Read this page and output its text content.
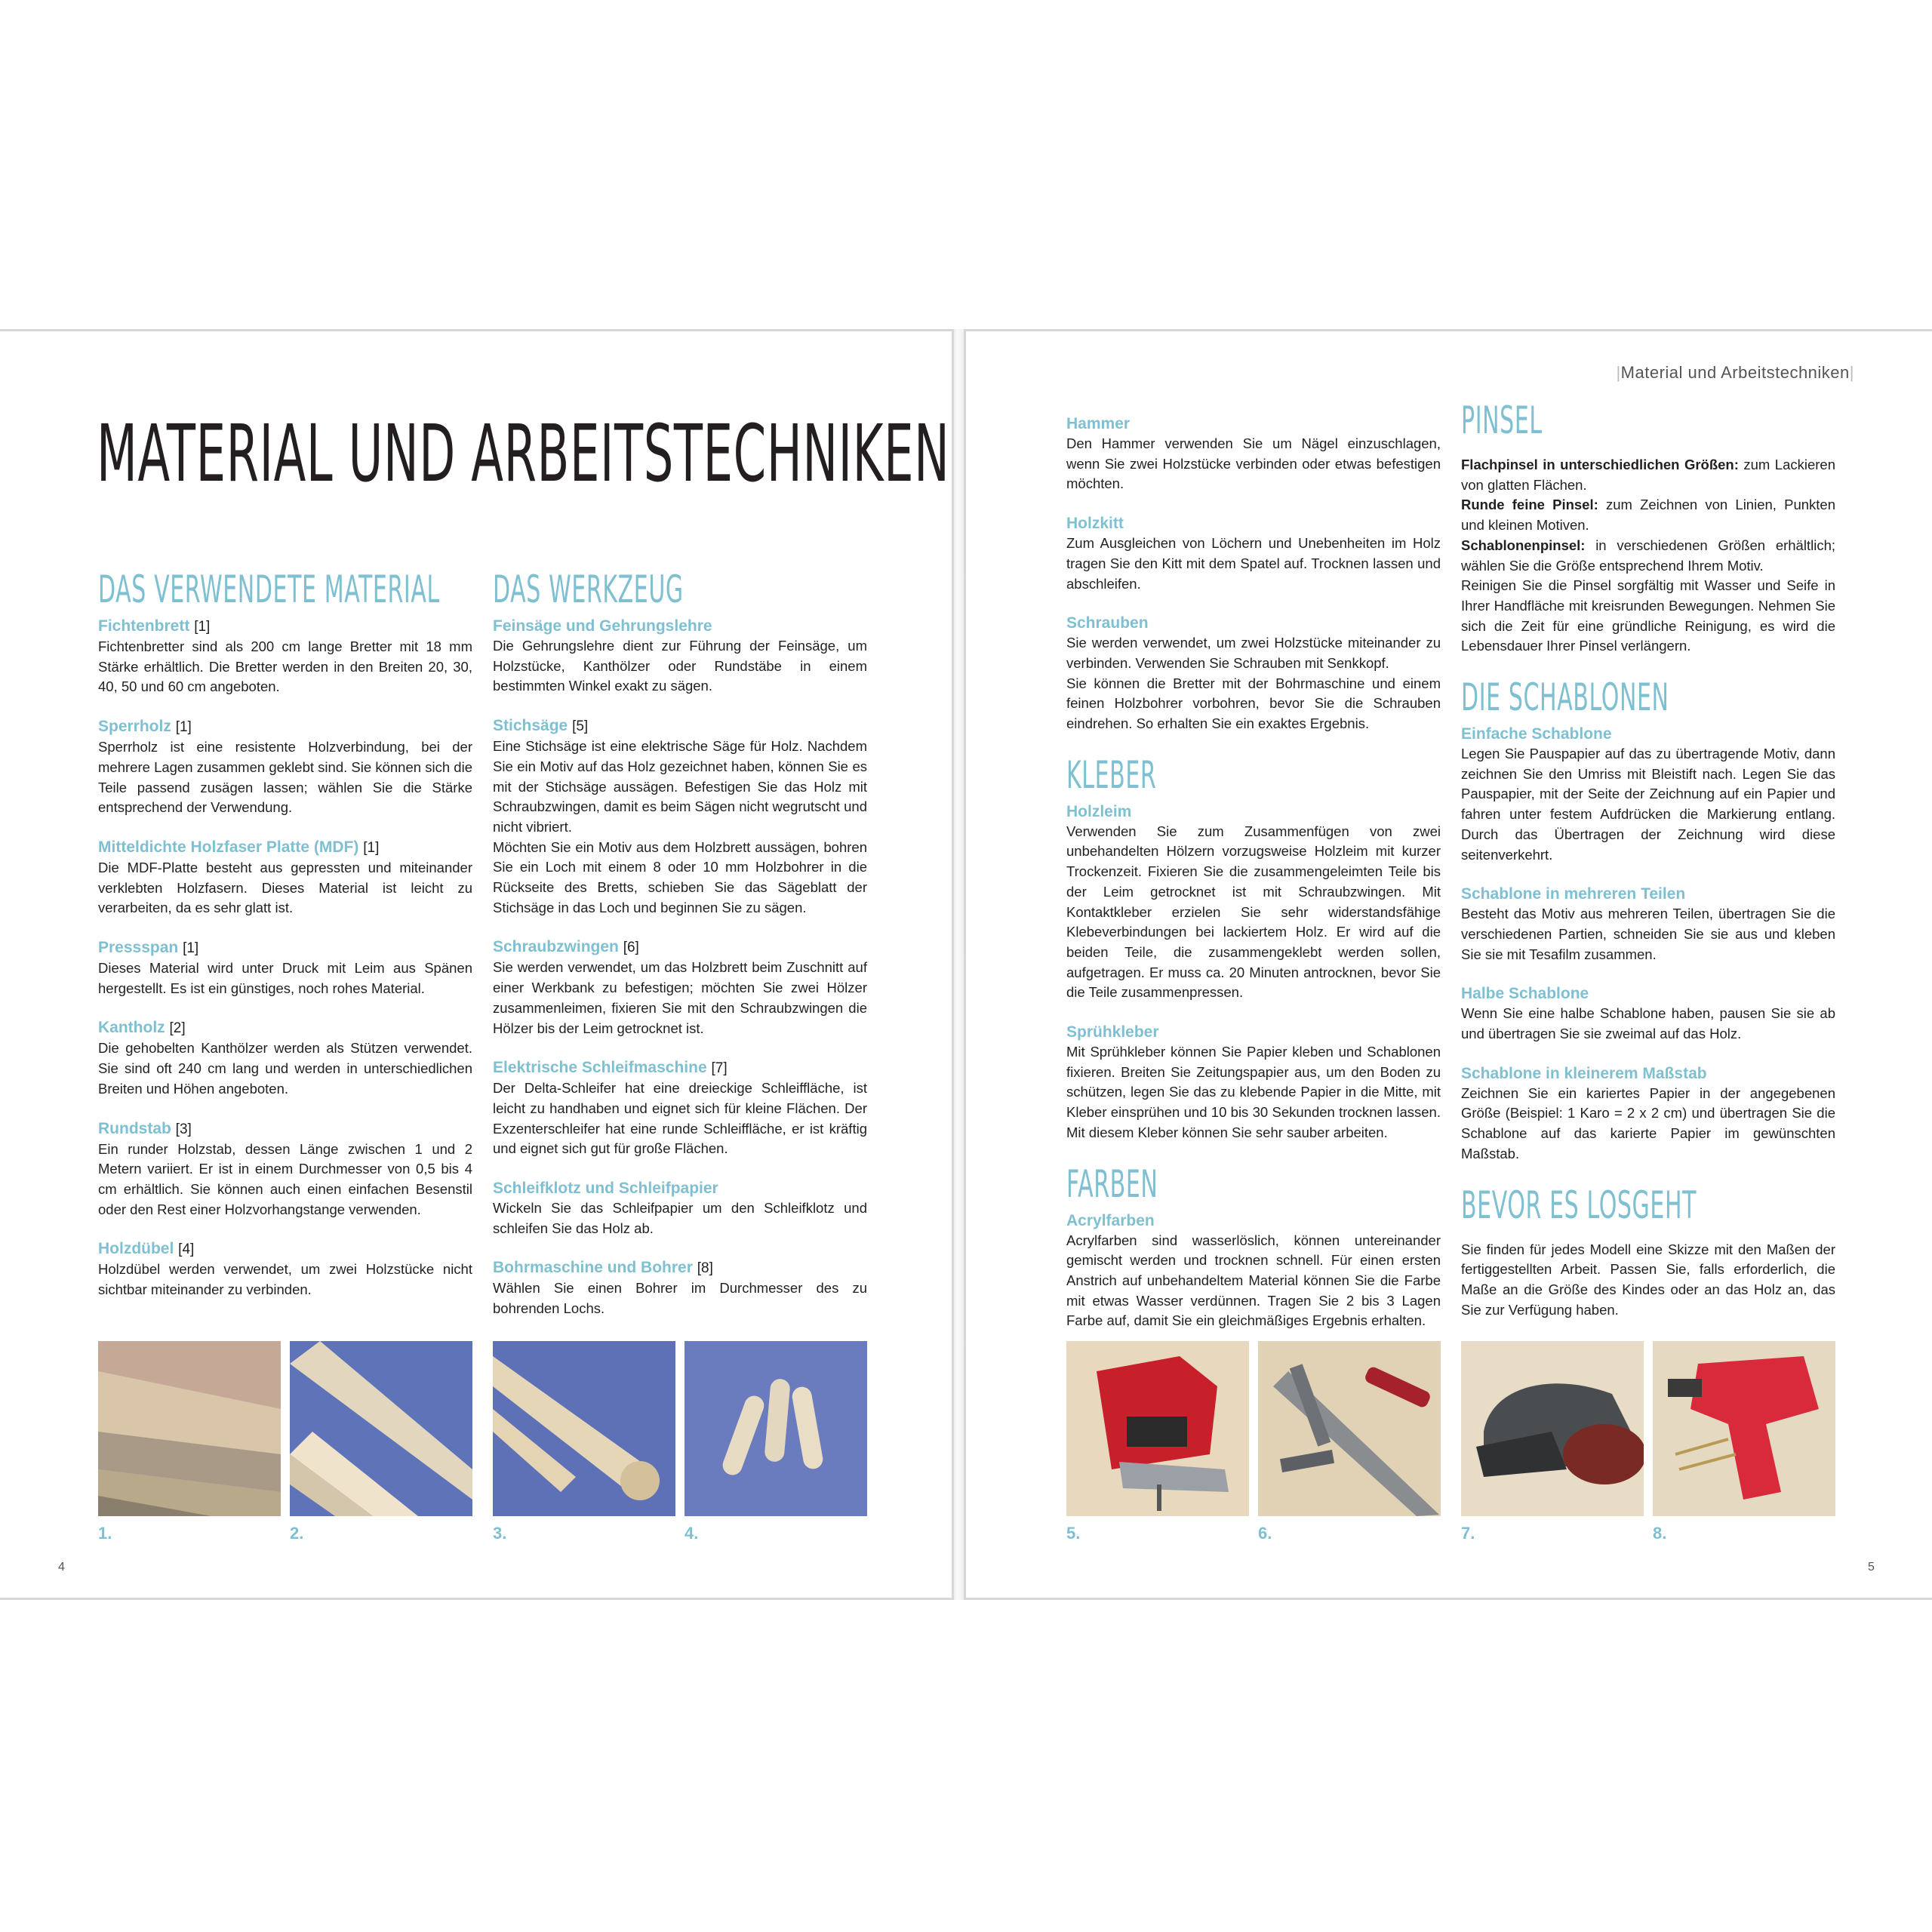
MATERIAL UND ARBEITSTECHNIKEN
DAS VERWENDETE MATERIAL
Fichtenbrett [1]

Fichtenbretter sind als 200 cm lange Bretter mit 18 mm Stärke erhältlich. Die Bretter werden in den Breiten 20, 30, 40, 50 und 60 cm angeboten.

Sperrholz [1]

Sperrholz ist eine resistente Holzverbindung, bei der mehrere Lagen zusammen geklebt sind. Sie können sich die Teile passend zusägen lassen; wählen Sie die Stärke entsprechend der Verwendung.

Mitteldichte Holzfaser Platte (MDF) [1]

Die MDF-Platte besteht aus gepressten und miteinander verklebten Holzfasern. Dieses Material ist leicht zu verarbeiten, da es sehr glatt ist.

Pressspan [1]

Dieses Material wird unter Druck mit Leim aus Spänen hergestellt. Es ist ein günstiges, noch rohes Material.

Kantholz [2]

Die gehobelten Kanthölzer werden als Stützen verwendet. Sie sind oft 240 cm lang und werden in unterschiedlichen Breiten und Höhen angeboten.

Rundstab [3]

Ein runder Holzstab, dessen Länge zwischen 1 und 2 Metern variiert. Er ist in einem Durchmesser von 0,5 bis 4 cm erhältlich. Sie können auch einen einfachen Besenstil oder den Rest einer Holzvorhangstange verwenden.

Holzdübel [4]

Holzdübel werden verwendet, um zwei Holzstücke nicht sichtbar miteinander zu verbinden.

DAS WERKZEUG
Feinsäge und Gehrungslehre

Die Gehrungslehre dient zur Führung der Feinsäge, um Holzstücke, Kanthölzer oder Rundstäbe in einem bestimmten Winkel exakt zu sägen.

Stichsäge [5]

Eine Stichsäge ist eine elektrische Säge für Holz. Nachdem Sie ein Motiv auf das Holz gezeichnet haben, können Sie es mit der Stichsäge aussägen. Befestigen Sie das Holz mit Schraubzwingen, damit es beim Sägen nicht wegrutscht und nicht vibriert.

Möchten Sie ein Motiv aus dem Holzbrett aussägen, bohren Sie ein Loch mit einem 8 oder 10 mm Holzbohrer in die Rückseite des Bretts, schieben Sie das Sägeblatt der Stichsäge in das Loch und beginnen Sie zu sägen.

Schraubzwingen [6]

Sie werden verwendet, um das Holzbrett beim Zuschnitt auf einer Werkbank zu befestigen; möchten Sie zwei Hölzer zusammenleimen, fixieren Sie mit den Schraubzwingen die Hölzer bis der Leim getrocknet ist.

Elektrische Schleifmaschine [7]

Der Delta-Schleifer hat eine dreieckige Schleiffläche, ist leicht zu handhaben und eignet sich für kleine Flächen. Der Exzenterschleifer hat eine runde Schleiffläche, er ist kräftig und eignet sich gut für große Flächen.

Schleifklotz und Schleifpapier

Wickeln Sie das Schleifpapier um den Schleifklotz und schleifen Sie das Holz ab.

Bohrmaschine und Bohrer [8]

Wählen Sie einen Bohrer im Durchmesser des zu bohrenden Lochs.

1.	2.	3.	4.
4
|Material und Arbeitstechniken|
Hammer

Den Hammer verwenden Sie um Nägel einzuschlagen, wenn Sie zwei Holzstücke verbinden oder etwas befestigen möchten.

Holzkitt

Zum Ausgleichen von Löchern und Unebenheiten im Holz tragen Sie den Kitt mit dem Spatel auf. Trocknen lassen und abschleifen.

Schrauben

Sie werden verwendet, um zwei Holzstücke miteinander zu verbinden. Verwenden Sie Schrauben mit Senkkopf.

Sie können die Bretter mit der Bohrmaschine und einem feinen Holzbohrer vorbohren, bevor Sie die Schrauben eindrehen. So erhalten Sie ein exaktes Ergebnis.

KLEBER
Holzleim

Verwenden Sie zum Zusammenfügen von zwei unbehandelten Hölzern vorzugsweise Holzleim mit kurzer Trockenzeit. Fixieren Sie die zusammengeleimten Teile bis der Leim getrocknet ist mit Schraubzwingen. Mit Kontaktkleber erzielen Sie sehr widerstandsfähige Klebeverbindungen bei lackiertem Holz. Er wird auf die beiden Teile, die zusammengeklebt werden sollen, aufgetragen. Er muss ca. 20 Minuten antrocknen, bevor Sie die Teile zusammenpressen.

Sprühkleber

Mit Sprühkleber können Sie Papier kleben und Schablonen fixieren. Breiten Sie Zeitungspapier aus, um den Boden zu schützen, legen Sie das zu klebende Papier in die Mitte, mit Kleber einsprühen und 10 bis 30 Sekunden trocknen lassen. Mit diesem Kleber können Sie sehr sauber arbeiten.

FARBEN
Acrylfarben

Acrylfarben sind wasserlöslich, können untereinander gemischt werden und trocknen schnell. Für einen ersten Anstrich auf unbehandeltem Material können Sie die Farbe mit etwas Wasser verdünnen. Tragen Sie 2 bis 3 Lagen Farbe auf, damit Sie ein gleichmäßiges Ergebnis erhalten.

PINSEL

Flachpinsel in unterschiedlichen Größen: zum Lackieren von glatten Flächen.

Runde feine Pinsel: zum Zeichnen von Linien, Punkten und kleinen Motiven.

Schablonenpinsel: in verschiedenen Größen erhältlich; wählen Sie die Größe entsprechend Ihrem Motiv.

Reinigen Sie die Pinsel sorgfältig mit Wasser und Seife in Ihrer Handfläche mit kreisrunden Bewegungen. Nehmen Sie sich die Zeit für eine gründliche Reinigung, es wird die Lebensdauer Ihrer Pinsel verlängern.

DIE SCHABLONEN
Einfache Schablone

Legen Sie Pauspapier auf das zu übertragende Motiv, dann zeichnen Sie den Umriss mit Bleistift nach. Legen Sie das Pauspapier, mit der Seite der Zeichnung auf ein Papier und fahren unter festem Aufdrücken die Markierung entlang. Durch das Übertragen der Zeichnung wird diese seitenverkehrt.

Schablone in mehreren Teilen

Besteht das Motiv aus mehreren Teilen, übertragen Sie die verschiedenen Partien, schneiden Sie sie aus und kleben Sie sie mit Tesafilm zusammen.

Halbe Schablone

Wenn Sie eine halbe Schablone haben, pausen Sie sie ab und übertragen Sie sie zweimal auf das Holz.

Schablone in kleinerem Maßstab

Zeichnen Sie ein kariertes Papier in der angegebenen Größe (Beispiel: 1 Karo = 2 x 2 cm) und übertragen Sie die Schablone auf das karierte Papier im gewünschten Maßstab.

BEVOR ES LOSGEHT

Sie finden für jedes Modell eine Skizze mit den Maßen der fertiggestellten Arbeit. Passen Sie, falls erforderlich, die Maße an die Größe des Kindes oder an das Holz an, das Sie zur Verfügung haben.

5.	6.	7.	8.
5
